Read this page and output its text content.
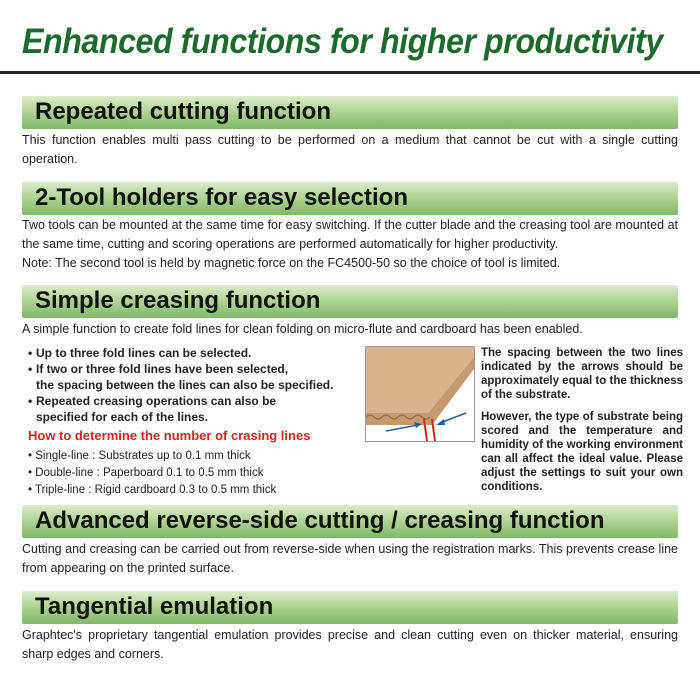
Enhanced functions for higher productivity
Repeated cutting function
This function enables multi pass cutting to be performed on a medium that cannot be cut with a single cutting operation.
2-Tool holders for easy selection
Two tools can be mounted at the same time for easy switching. If the cutter blade and the creasing tool are mounted at the same time, cutting and scoring operations are performed automatically for higher productivity.
Note: The second tool is held by magnetic force on the FC4500-50 so the choice of tool is limited.
Simple creasing function
A simple function to create fold lines for clean folding on micro-flute and cardboard has been enabled.
• Up to three fold lines can be selected.
• If two or three fold lines have been selected,
the spacing between the lines can also be specified.
• Repeated creasing operations can also be
specified for each of the lines.
How to determine the number of crasing lines
• Single-line : Substrates up to 0.1 mm thick
• Double-line : Paperboard 0.1 to 0.5 mm thick
• Triple-line : Rigid cardboard 0.3 to 0.5 mm thick
The spacing between the two lines indicated by the arrows should be approximately equal to the thickness of the substrate.
However, the type of substrate being scored and the temperature and humidity of the working environment can all affect the ideal value. Please adjust the settings to suit your own conditions.
Advanced reverse-side cutting / creasing function
Cutting and creasing can be carried out from reverse-side when using the registration marks. This prevents crease line from appearing on the printed surface.
Tangential emulation
Graphtec's proprietary tangential emulation provides precise and clean cutting even on thicker material, ensuring sharp edges and corners.
